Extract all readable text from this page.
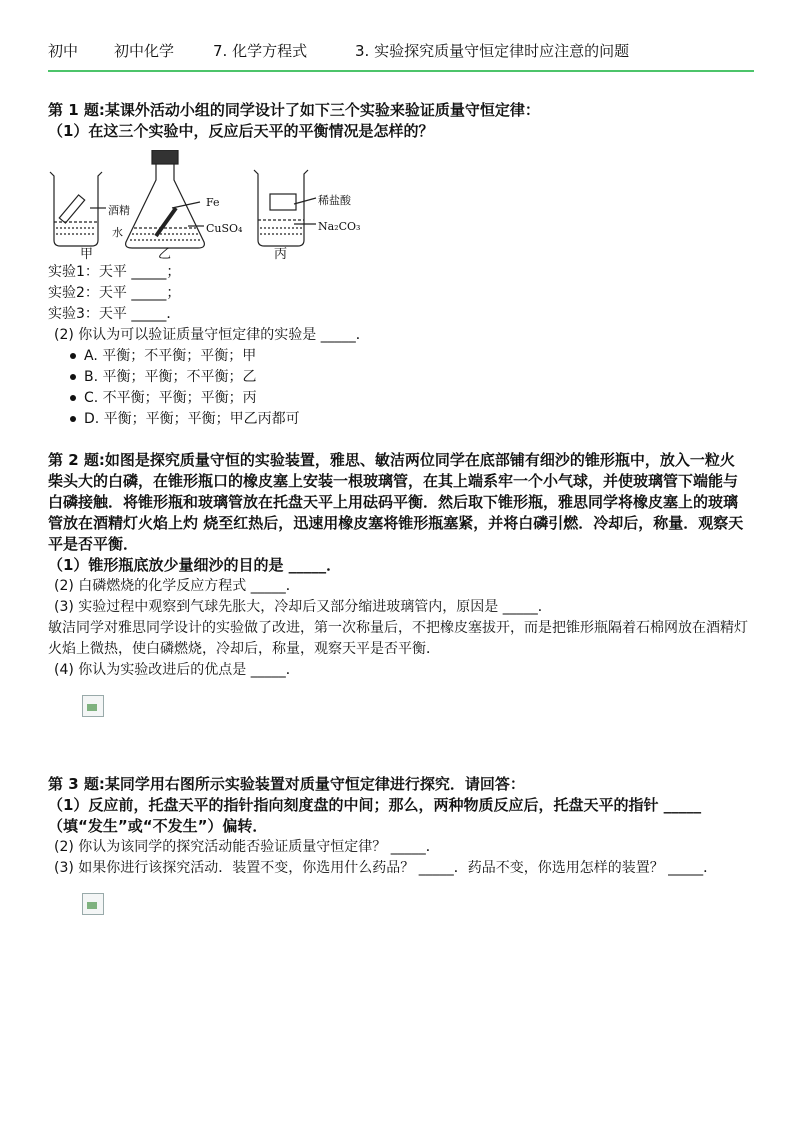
初中	初中化学	7. 化学方程式	3. 实验探究质量守恒定律时应注意的问题

第 1 题:某课外活动小组的同学设计了如下三个实验来验证质量守恒定律：

（1）在这三个实验中，反应后天平的平衡情况是怎样的？

酒精
水
Fe
CuSO₄
稀盐酸
Na₂CO₃
甲	乙	丙

实验1：天平 _____；

实验2：天平 _____；

实验3：天平 _____．

(2) 你认为可以验证质量守恒定律的实验是 _____．

A. 平衡；不平衡；平衡；甲
B. 平衡；平衡；不平衡；乙
C. 不平衡；平衡；平衡；丙
D. 平衡；平衡；平衡；甲乙丙都可

第 2 题:如图是探究质量守恒的实验装置，雅思、敏洁两位同学在底部铺有细沙的锥形瓶中，放入一粒火柴头大的白磷，在锥形瓶口的橡皮塞上安装一根玻璃管，在其上端系牢一个小气球，并使玻璃管下端能与白磷接触．将锥形瓶和玻璃管放在托盘天平上用砝码平衡．然后取下锥形瓶，雅思同学将橡皮塞上的玻璃管放在酒精灯火焰上灼 烧至红热后，迅速用橡皮塞将锥形瓶塞紧，并将白磷引燃．冷却后，称量．观察天平是否平衡．

（1）锥形瓶底放少量细沙的目的是 _____．

(2) 白磷燃烧的化学反应方程式 _____．

(3) 实验过程中观察到气球先胀大，冷却后又部分缩进玻璃管内，原因是 _____．

敏洁同学对雅思同学设计的实验做了改进，第一次称量后，不把橡皮塞拔开，而是把锥形瓶隔着石棉网放在酒精灯火焰上微热，使白磷燃烧，冷却后，称量，观察天平是否平衡．

(4) 你认为实验改进后的优点是 _____．

第 3 题:某同学用右图所示实验装置对质量守恒定律进行探究．请回答：

（1）反应前，托盘天平的指针指向刻度盘的中间；那么，两种物质反应后，托盘天平的指针 _____ （填“发生”或“不发生”）偏转．

(2) 你认为该同学的探究活动能否验证质量守恒定律？ _____．

(3) 如果你进行该探究活动．装置不变，你选用什么药品？ _____．药品不变，你选用怎样的装置？ _____．
